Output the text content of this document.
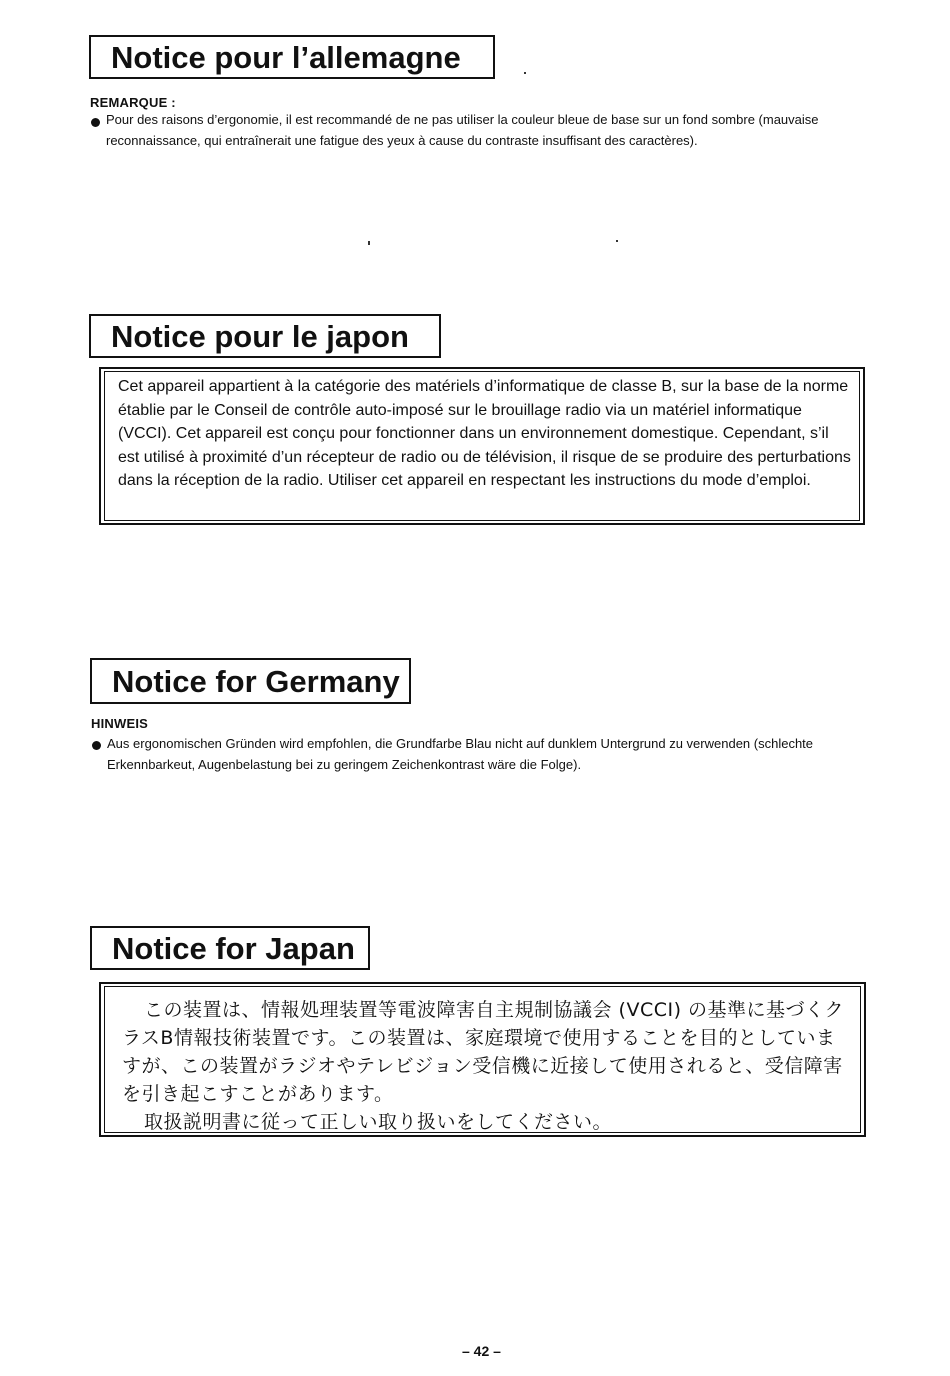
Notice pour l’allemagne
REMARQUE :
Pour des raisons d’ergonomie, il est recommandé de ne pas utiliser la couleur bleue de base sur un fond sombre (mauvaise reconnaissance, qui entraînerait une fatigue des yeux à cause du contraste insuffisant des caractères).
Notice pour le japon
Cet appareil appartient à la catégorie des matériels d’informatique de classe B, sur la base de la norme établie par le Conseil de contrôle auto-imposé sur le brouillage radio via un matériel informatique (VCCI). Cet appareil est conçu pour fonctionner dans un environnement domestique. Cependant, s’il est utilisé à proximité d’un récepteur de radio ou de télévision, il risque de se produire des perturbations dans la réception de la radio. Utiliser cet appareil en respectant les instructions du mode d’emploi.
Notice for Germany
HINWEIS
Aus ergonomischen Gründen wird empfohlen, die Grundfarbe Blau nicht auf dunklem Untergrund zu verwenden (schlechte Erkennbarkeut, Augenbelastung bei zu geringem Zeichenkontrast wäre die Folge).
Notice for Japan
この装置は、情報処理装置等電波障害自主規制協議会 (VCCI) の基準に基づくクラスB情報技術装置です。この装置は、家庭環境で使用することを目的としていますが、この装置がラジオやテレビジョン受信機に近接して使用されると、受信障害を引き起こすことがあります。
取扱説明書に従って正しい取り扱いをしてください。
– 42 –
